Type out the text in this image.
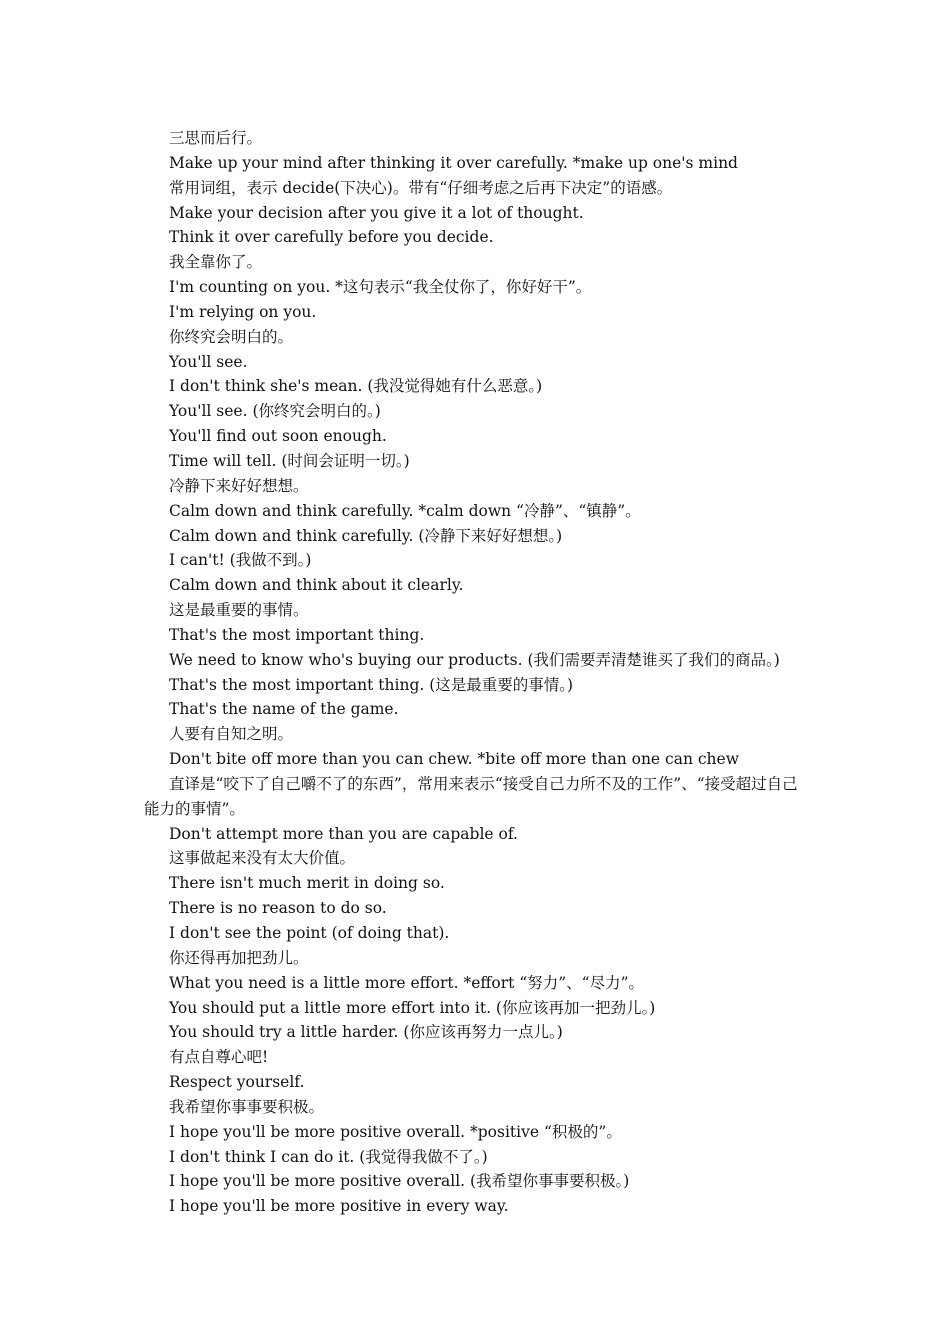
三思而后行。

Make up your mind after thinking it over carefully. *make up one's mind

常用词组，表示 decide(下决心)。带有“仔细考虑之后再下决定”的语感。

Make your decision after you give it a lot of thought.

Think it over carefully before you decide.

我全靠你了。

I'm counting on you. *这句表示“我全仗你了，你好好干”。

I'm relying on you.

你终究会明白的。

You'll see.

I don't think she's mean. (我没觉得她有什么恶意。)

You'll see. (你终究会明白的。)

You'll find out soon enough.

Time will tell. (时间会证明一切。)

冷静下来好好想想。

Calm down and think carefully. *calm down “冷静”、“镇静”。

Calm down and think carefully. (冷静下来好好想想。)

I can't! (我做不到。)

Calm down and think about it clearly.

这是最重要的事情。

That's the most important thing.

We need to know who's buying our products. (我们需要弄清楚谁买了我们的商品。)

That's the most important thing. (这是最重要的事情。)

That's the name of the game.

人要有自知之明。

Don't bite off more than you can chew. *bite off more than one can chew

直译是“咬下了自己嚼不了的东西”，常用来表示“接受自己力所不及的工作”、“接受超过自己能力的事情”。

Don't attempt more than you are capable of.

这事做起来没有太大价值。

There isn't much merit in doing so.

There is no reason to do so.

I don't see the point (of doing that).

你还得再加把劲儿。

What you need is a little more effort. *effort “努力”、“尽力”。

You should put a little more effort into it. (你应该再加一把劲儿。)

You should try a little harder. (你应该再努力一点儿。)

有点自尊心吧!

Respect yourself.

我希望你事事要积极。

I hope you'll be more positive overall. *positive “积极的”。

I don't think I can do it. (我觉得我做不了。)

I hope you'll be more positive overall. (我希望你事事要积极。)

I hope you'll be more positive in every way.
